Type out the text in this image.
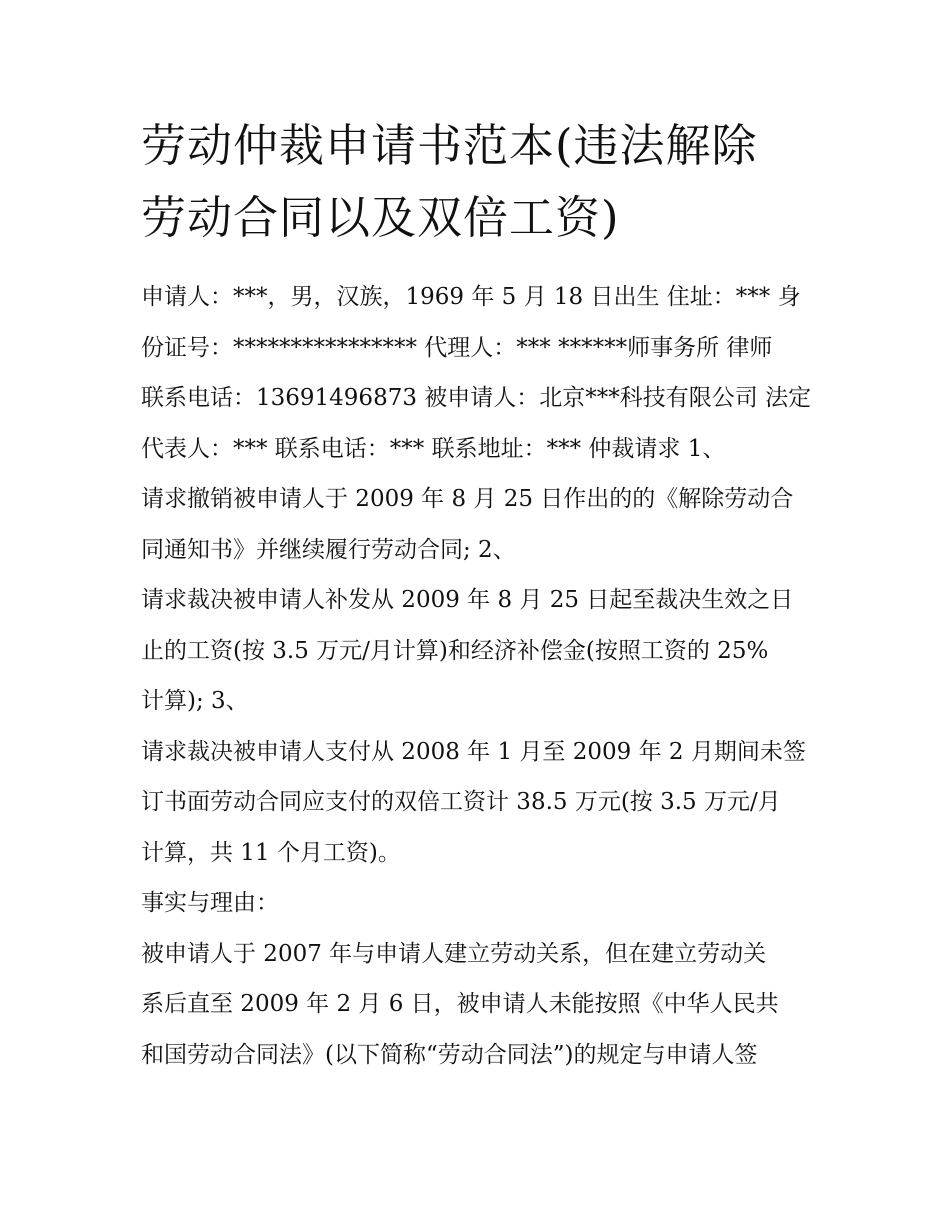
劳动仲裁申请书范本(违法解除
劳动合同以及双倍工资)
申请人：***，男，汉族，1969 年 5 月 18 日出生 住址：*** 身
份证号：**************** 代理人：*** ******师事务所 律师
联系电话：13691496873 被申请人：北京***科技有限公司 法定
代表人：*** 联系电话：*** 联系地址：*** 仲裁请求 1、
请求撤销被申请人于 2009 年 8 月 25 日作出的的《解除劳动合
同通知书》并继续履行劳动合同; 2、
请求裁决被申请人补发从 2009 年 8 月 25 日起至裁决生效之日
止的工资(按 3.5 万元/月计算)和经济补偿金(按照工资的 25%
计算); 3、
请求裁决被申请人支付从 2008 年 1 月至 2009 年 2 月期间未签
订书面劳动合同应支付的双倍工资计 38.5 万元(按 3.5 万元/月
计算，共 11 个月工资)。
事实与理由：
被申请人于 2007 年与申请人建立劳动关系，但在建立劳动关
系后直至 2009 年 2 月 6 日，被申请人未能按照《中华人民共
和国劳动合同法》(以下简称“劳动合同法”)的规定与申请人签
